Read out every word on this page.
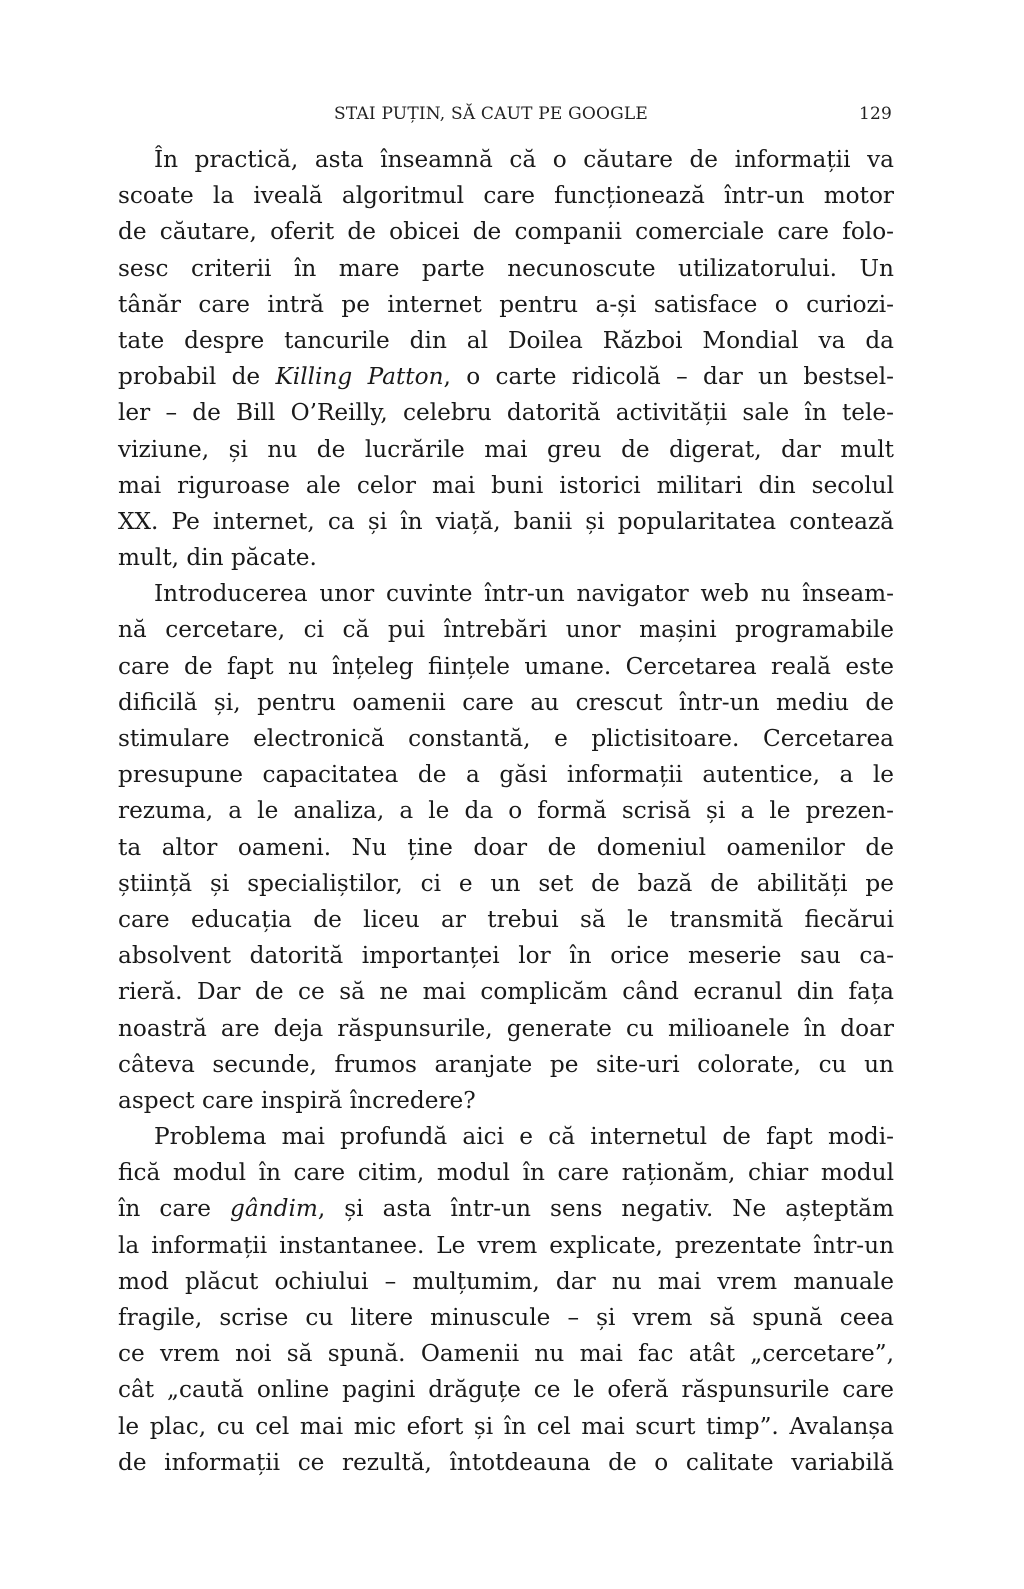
STAI PUȚIN, SĂ CAUT PE GOOGLE	129
În practică, asta înseamnă că o căutare de informații va
scoate la iveală algoritmul care funcționează într-un motor
de căutare, oferit de obicei de companii comerciale care folo-
sesc criterii în mare parte necunoscute utilizatorului. Un
tânăr care intră pe internet pentru a-și satisface o curiozi-
tate despre tancurile din al Doilea Război Mondial va da
probabil de Killing Patton, o carte ridicolă – dar un bestsel-
ler – de Bill O’Reilly, celebru datorită activității sale în tele-
viziune, și nu de lucrările mai greu de digerat, dar mult
mai riguroase ale celor mai buni istorici militari din secolul
XX. Pe internet, ca și în viață, banii și popularitatea contează
mult, din păcate.
Introducerea unor cuvinte într-un navigator web nu înseam-
nă cercetare, ci că pui întrebări unor mașini programabile
care de fapt nu înțeleg ființele umane. Cercetarea reală este
dificilă și, pentru oamenii care au crescut într-un mediu de
stimulare electronică constantă, e plictisitoare. Cercetarea
presupune capacitatea de a găsi informații autentice, a le
rezuma, a le analiza, a le da o formă scrisă și a le prezen-
ta altor oameni. Nu ține doar de domeniul oamenilor de
știință și specialiștilor, ci e un set de bază de abilități pe
care educația de liceu ar trebui să le transmită fiecărui
absolvent datorită importanței lor în orice meserie sau ca-
rieră. Dar de ce să ne mai complicăm când ecranul din fața
noastră are deja răspunsurile, generate cu milioanele în doar
câteva secunde, frumos aranjate pe site-uri colorate, cu un
aspect care inspiră încredere?
Problema mai profundă aici e că internetul de fapt modi-
fică modul în care citim, modul în care raționăm, chiar modul
în care gândim, și asta într-un sens negativ. Ne așteptăm
la informații instantanee. Le vrem explicate, prezentate într-un
mod plăcut ochiului – mulțumim, dar nu mai vrem manuale
fragile, scrise cu litere minuscule – și vrem să spună ceea
ce vrem noi să spună. Oamenii nu mai fac atât „cercetare”,
cât „caută online pagini drăguțe ce le oferă răspunsurile care
le plac, cu cel mai mic efort și în cel mai scurt timp”. Avalanșa
de informații ce rezultă, întotdeauna de o calitate variabilă
